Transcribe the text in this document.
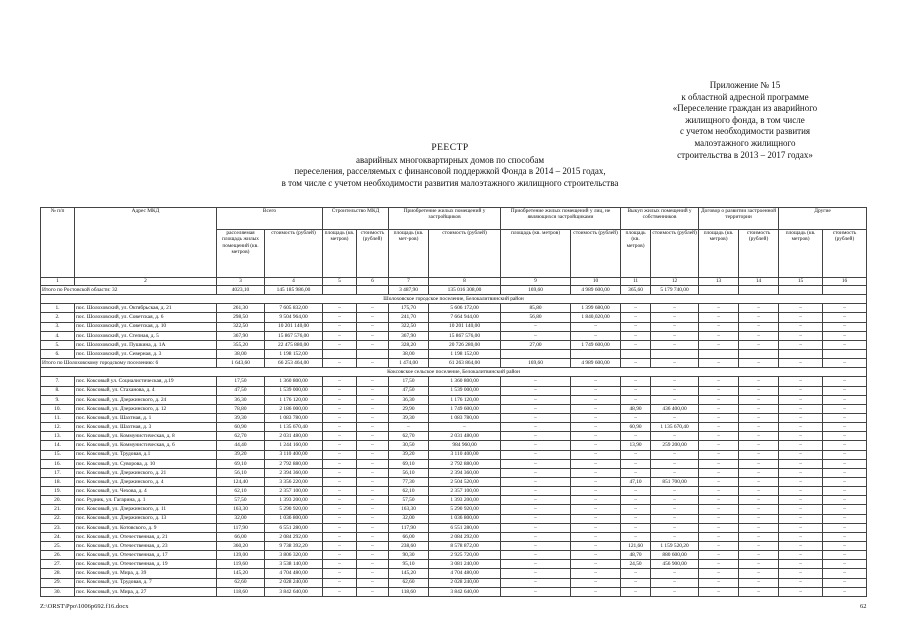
Приложение № 15
к областной адресной программе
«Переселение граждан из аварийного
жилищного фонда, в том числе
с учетом необходимости развития
малоэтажного жилищного
строительства в 2013 – 2017 годах»
РЕЕСТР
аварийных многоквартирных домов по способам
переселения, расселяемых с финансовой поддержкой Фонда в 2014 – 2015 годах,
в том числе с учетом необходимости развития малоэтажного жилищного строительства
№ п/п	Адрес МКД	Всего		Строительство МКД		Приобретение жилых помещений у застройщиков		Приобретение жилых помещений у лиц, не являющихся застройщиками		Выкуп жилых помещений у собственников		Договор о развитии застроенной территории		Другие	
		расселяемая площадь жилых помещений (кв. метров)	стоимость (рублей)	площадь (кв. метров)	стоимость (рублей)	площадь (кв. мет-ров)	стоимость (рублей)	площадь (кв. метров)	стоимость (рублей)	площадь (кв. метров)	стоимость (рублей)	площадь (кв. метров)	стоимость (рублей)	площадь (кв. метров)	стоимость (рублей)
1	2	3	4	5	6	7	8	9	10	11	12	13	14	15	16
Итого по Ростовской области: 32		4023,10	145 185 986,00			3 487,90	135 016 308,00	169,60	4 989 600,00	365,60	5 179 740,00				
Шолоховское городское поселение, Белокалитвинский район															
1.	пос. Шолоховский, ул. Октябрьская, д. 21	261,30	7 605 832,00	–	–	175,70	5 606 172,00	85,80	1 399 680,00	–	–	–	–	–	–
2.	пос. Шолоховский, ул. Советская, д. 6	298,50	9 504 964,00	–	–	241,70	7 664 944,00	56,80	1 840,020,00	–	–	–	–	–	–
3.	пос. Шолоховский, ул. Советская, д. 10	322,50	10 201 140,00	–	–	322,50	10 201 140,00	–	–	–	–	–	–	–	–
4.	пос. Шолоховский, ул. Степная, д. 5	367,90	15 867 576,00	–	–	367,90	15 867 576,00	–	–	–	–	–	–	–	–
5.	пос. Шолоховский, ул. Пушкина, д. 1А	355,20	22 475 880,00	–	–	328,20	20 726 280,00	27,00	1 749 600,00	–	–	–	–	–	–
6.	пос. Шолоховский, ул. Северная, д. 3	38,00	1 198 152,00			38,00	1 198 152,00								
Итого по Шолоховскому городскому поселению: 6		1 643,60	66 253 464,00	–	–	1 474,00	61 263 864,00	169,60	4 989 600,00	–	–	–	–	–	–
Коксовское сельское поселение, Белокалитвинский район															
7.	пос. Коксовый ул. Социалистическая, д.19	17,50	1 360 800,00	–	–	17,50	1 360 800,00	–	–	–	–	–	–	–	–
8.	пос. Коксовый, ул. Стаханова, д. 4	47,50	1 539 000,00	–	–	47,50	1 539 000,00	–	–	–	–	–	–	–	–
9.	пос. Коксовый, ул. Дзержинского, д. 24	36,30	1 176 120,00	–	–	36,30	1 176 120,00	–	–	–	–	–	–	–	–
10.	пос. Коксовый, ул. Дзержинского, д. 12	78,80	2 186 000,00	–	–	29,90	1 749 600,00	–	–	48,90	436 400,00	–	–	–	–
11.	пос. Коксовый, ул. Шахтная, д. 1	39,30	1 083 780,00	–	–	39,30	1 083 780,00	–	–	–	–	–	–	–	–
12.	пос. Коксовый, ул. Шахтная, д. 3	60,90	1 135 670,40	–	–	–	–	–	–	60,90	1 135 670,40	–	–	–	–
13.	пос. Коксовый, ул. Коммунистическая, д. 8	62,70	2 031 480,00	–	–	62,70	2 031 480,00	–	–	–	–	–	–	–	–
14.	пос. Коксовый, ул. Коммунистическая, д. 6	44,40	1 244 160,00	–	–	30,50	984 960,00	–	–	13,90	259 200,00	–	–	–	–
15.	пос. Коксовый, ул. Трудовая, д.1	39,20	3 110 400,00	–	–	39,20	3 110 400,00	–	–	–	–	–	–	–	–
16.	пос. Коксовый, ул. Суворова, д. 10	69,10	2 792 880,00	–	–	69,10	2 792 880,00	–	–	–	–	–	–	–	–
17.	пос. Коксовый, ул. Дзержинского, д. 21	56,10	2 394 360,00	–	–	56,10	2 394 360,00	–	–	–	–	–	–	–	–
18.	пос. Коксовый, ул. Дзержинского, д. 4	124,40	3 356 220,00	–	–	77,30	2 504 520,00	–	–	47,10	851 700,00	–	–	–	–
19.	пос. Коксовый, ул. Чехова, д. 4	62,10	2 357 100,00	–	–	62,10	2 357 100,00	–	–	–	–	–	–	–	–
20.	пос. Рудник, ул. Гагарина, д. 1	57,50	1 393 200,00	–	–	57,50	1 393 200,00	–	–	–	–	–	–	–	–
21.	пос. Коксовый, ул. Дзержинского, д. 11	163,30	5 290 920,00	–	–	163,30	5 290 920,00	–	–	–	–	–	–	–	–
22.	пос. Коксовый, ул. Дзержинского, д. 13	32,00	1 036 800,00	–	–	32,00	1 036 800,00	–	–	–	–	–	–	–	–
23.	пос. Коксовый, ул. Котовского, д. 9	117,90	6 551 280,00	–	–	117,90	6 551 280,00	–	–	–	–	–	–	–	–
24.	пос. Коксовый, ул. Отечественная, д. 21	66,00	2 084 292,00	–	–	66,00	2 084 292,00	–	–	–	–	–	–	–	–
25.	пос. Коксовый, ул. Отечественная, д. 23	360,20	9 738 392,20	–	–	238,60	8 578 872,00	–	–	121,60	1 159 520,20	–	–	–	–
26.	пос. Коксовый, ул. Отечественная, д. 17	139,00	3 806 320,00	–	–	90,30	2 925 720,00	–	–	48,70	880 600,00	–	–	–	–
27.	пос. Коксовый, ул. Отечественная, д. 19	119,60	3 538 140,00	–	–	95,10	3 081 240,00	–	–	24,50	456 900,00	–	–	–	–
28.	пос. Коксовый, ул. Мира, д. 39	145,20	4 704 480,00	–	–	145,20	4 704 480,00	–	–	–	–	–	–	–	–
29.	пос. Коксовый, ул. Трудовая, д. 7	62,60	2 028 240,00	–	–	62,60	2 028 240,00	–	–	–	–	–	–	–	–
30.	пос. Коксовый, ул. Мира, д. 27	118,60	3 842 640,00	–	–	118,60	3 842 640,00	–	–	–	–	–	–	–	–
Z:\ORST\Ppo\1006p692.f16.docx	62
